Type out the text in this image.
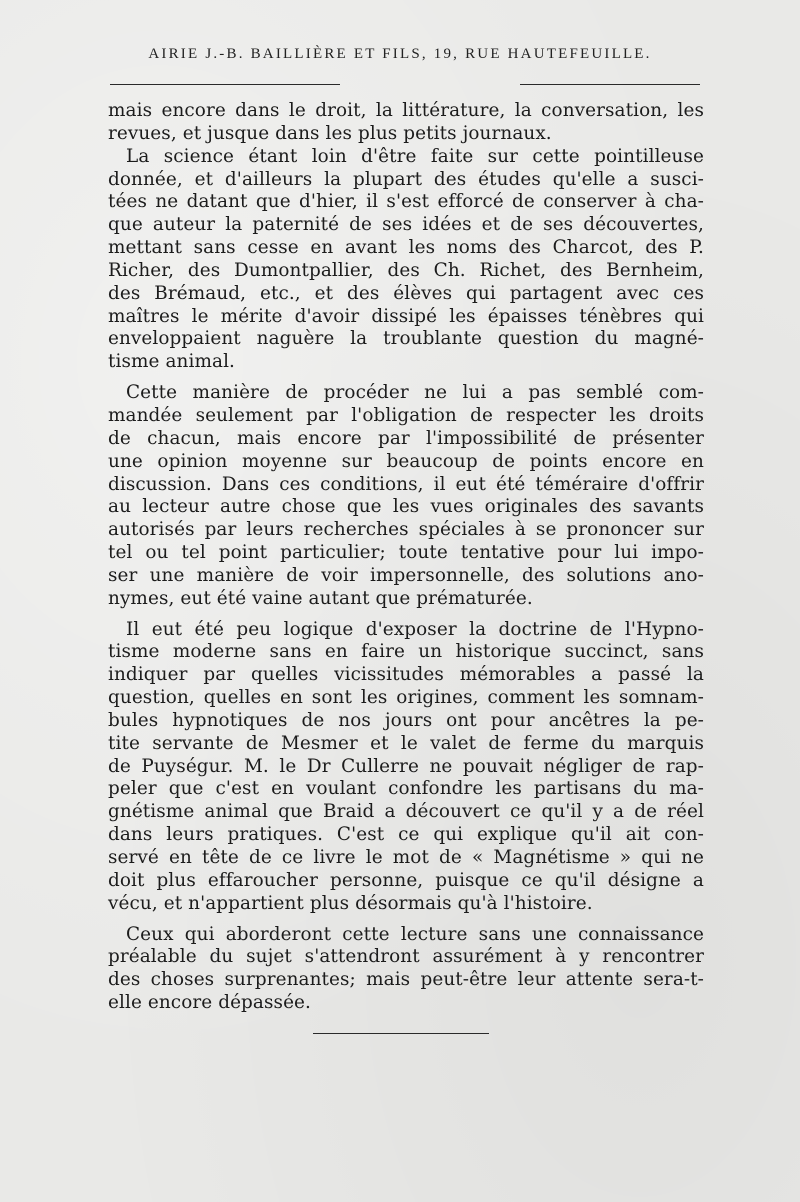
AIRIE J.-B. BAILLIÈRE ET FILS, 19, RUE HAUTEFEUILLE.
mais encore dans le droit, la littérature, la conversation, les
revues, et jusque dans les plus petits journaux.
La science étant loin d'être faite sur cette pointilleuse
donnée, et d'ailleurs la plupart des études qu'elle a susci-
tées ne datant que d'hier, il s'est efforcé de conserver à cha-
que auteur la paternité de ses idées et de ses découvertes,
mettant sans cesse en avant les noms des Charcot, des P.
Richer, des Dumontpallier, des Ch. Richet, des Bernheim,
des Brémaud, etc., et des élèves qui partagent avec ces
maîtres le mérite d'avoir dissipé les épaisses ténèbres qui
enveloppaient naguère la troublante question du magné-
tisme animal.
Cette manière de procéder ne lui a pas semblé com-
mandée seulement par l'obligation de respecter les droits
de chacun, mais encore par l'impossibilité de présenter
une opinion moyenne sur beaucoup de points encore en
discussion. Dans ces conditions, il eut été téméraire d'offrir
au lecteur autre chose que les vues originales des savants
autorisés par leurs recherches spéciales à se prononcer sur
tel ou tel point particulier; toute tentative pour lui impo-
ser une manière de voir impersonnelle, des solutions ano-
nymes, eut été vaine autant que prématurée.
Il eut été peu logique d'exposer la doctrine de l'Hypno-
tisme moderne sans en faire un historique succinct, sans
indiquer par quelles vicissitudes mémorables a passé la
question, quelles en sont les origines, comment les somnam-
bules hypnotiques de nos jours ont pour ancêtres la pe-
tite servante de Mesmer et le valet de ferme du marquis
de Puységur. M. le Dr Cullerre ne pouvait négliger de rap-
peler que c'est en voulant confondre les partisans du ma-
gnétisme animal que Braid a découvert ce qu'il y a de réel
dans leurs pratiques. C'est ce qui explique qu'il ait con-
servé en tête de ce livre le mot de « Magnétisme » qui ne
doit plus effaroucher personne, puisque ce qu'il désigne a
vécu, et n'appartient plus désormais qu'à l'histoire.
Ceux qui aborderont cette lecture sans une connaissance
préalable du sujet s'attendront assurément à y rencontrer
des choses surprenantes; mais peut-être leur attente sera-t-
elle encore dépassée.
